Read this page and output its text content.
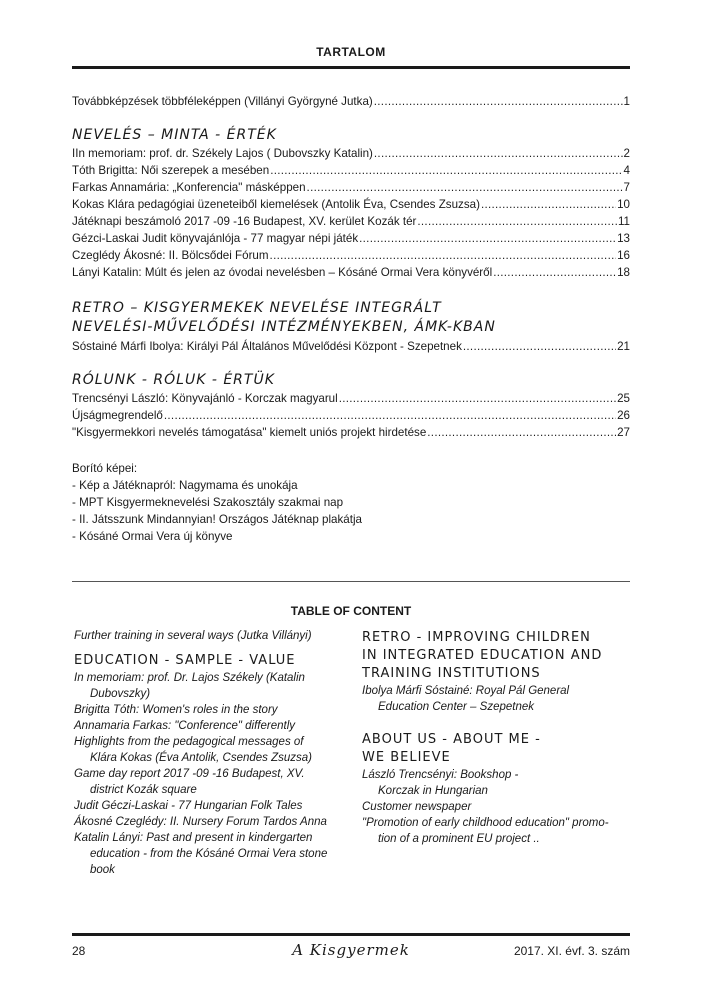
TARTALOM
Továbbképzések többféleképpen (Villányi Györgyné Jutka) .....	1
NEVELÉS – MINTA - ÉRTÉK
IIn memoriam: prof. dr. Székely Lajos ( Dubovszky Katalin) .....	2
Tóth Brigitta: Női szerepek a mesében .....	4
Farkas Annamária: „Konferencia" másképpen .....	7
Kokas Klára pedagógiai üzeneteiből kiemelések (Antolik Éva, Csendes Zsuzsa) .....	10
Játéknapi beszámoló 2017 -09 -16 Budapest, XV. kerület Kozák tér .....	11
Gézci-Laskai Judit könyvajánlója - 77 magyar népi játék .....	13
Czeglédy Ákosné: II. Bölcsődei Fórum .....	16
Lányi Katalin: Múlt és jelen az óvodai nevelésben – Kósáné Ormai Vera könyvéről .....	18
RETRO – KISGYERMEKEK NEVELÉSE INTEGRÁLT
NEVELÉSI-MŰVELŐDÉSI INTÉZMÉNYEKBEN, ÁMK-KBAN
Sóstainé Márfi Ibolya: Királyi Pál Általános Művelődési Központ - Szepetnek .....	21
RÓLUNK - RÓLUK - ÉRTÜK
Trencsényi László: Könyvajánló - Korczak magyarul .....	25
Újságmegrendelő .....	26
"Kisgyermekkori nevelés támogatása" kiemelt uniós projekt hirdetése .....	27
Borító képei:
- Kép a Játéknapról: Nagymama és unokája
- MPT Kisgyermeknevelési Szakosztály szakmai nap
- II. Játsszunk Mindannyian! Országos Játéknap plakátja
- Kósáné Ormai Vera új könyve
TABLE OF CONTENT
Further training in several ways (Jutka Villányi)
EDUCATION - SAMPLE - VALUE
In memoriam: prof. Dr. Lajos Székely (Katalin
Dubovszky)
Brigitta Tóth: Women's roles in the story
Annamaria Farkas: "Conference" differently
Highlights from the pedagogical messages of
Klára Kokas (Éva Antolik, Csendes Zsuzsa)
Game day report 2017 -09 -16 Budapest, XV.
district Kozák square
Judit Géczi-Laskai - 77 Hungarian Folk Tales
Ákosné Czeglédy: II. Nursery Forum Tardos Anna
Katalin Lányi: Past and present in kindergarten
education - from the Kósáné Ormai Vera stone
book
RETRO - IMPROVING CHILDREN
IN INTEGRATED EDUCATION AND
TRAINING INSTITUTIONS
Ibolya Márfi Sóstainé: Royal Pál General
Education Center – Szepetnek
ABOUT US - ABOUT ME -
WE BELIEVE
László Trencsényi: Bookshop -
Korczak in Hungarian
Customer newspaper
"Promotion of early childhood education" promo-
tion of a prominent EU project ..
28	A Kisgyermek	2017. XI. évf. 3. szám
